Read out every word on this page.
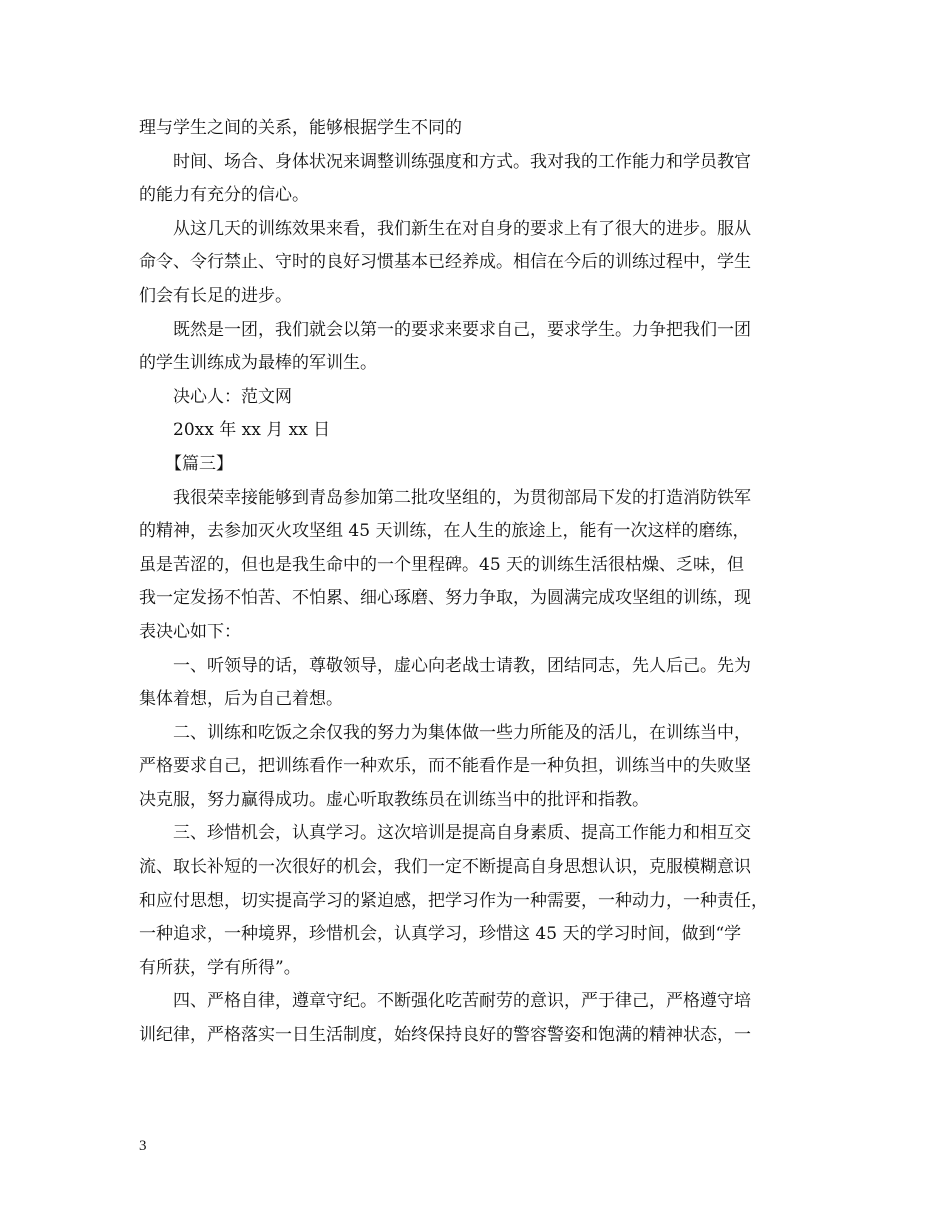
理与学生之间的关系，能够根据学生不同的
时间、场合、身体状况来调整训练强度和方式。我对我的工作能力和学员教官
的能力有充分的信心。
从这几天的训练效果来看，我们新生在对自身的要求上有了很大的进步。服从
命令、令行禁止、守时的良好习惯基本已经养成。相信在今后的训练过程中，学生
们会有长足的进步。
既然是一团，我们就会以第一的要求来要求自己，要求学生。力争把我们一团
的学生训练成为最棒的军训生。
决心人：范文网
20xx 年 xx 月 xx 日
【篇三】
我很荣幸接能够到青岛参加第二批攻坚组的，为贯彻部局下发的打造消防铁军
的精神，去参加灭火攻坚组 45 天训练，在人生的旅途上，能有一次这样的磨练，
虽是苦涩的，但也是我生命中的一个里程碑。45 天的训练生活很枯燥、乏味，但
我一定发扬不怕苦、不怕累、细心琢磨、努力争取，为圆满完成攻坚组的训练，现
表决心如下：
一、听领导的话，尊敬领导，虚心向老战士请教，团结同志，先人后己。先为
集体着想，后为自己着想。
二、训练和吃饭之余仅我的努力为集体做一些力所能及的活儿，在训练当中，
严格要求自己，把训练看作一种欢乐，而不能看作是一种负担，训练当中的失败坚
决克服，努力赢得成功。虚心听取教练员在训练当中的批评和指教。
三、珍惜机会，认真学习。这次培训是提高自身素质、提高工作能力和相互交
流、取长补短的一次很好的机会，我们一定不断提高自身思想认识，克服模糊意识
和应付思想，切实提高学习的紧迫感，把学习作为一种需要，一种动力，一种责任，
一种追求，一种境界，珍惜机会，认真学习，珍惜这 45 天的学习时间，做到“学
有所获，学有所得”。
四、严格自律，遵章守纪。不断强化吃苦耐劳的意识，严于律己，严格遵守培
训纪律，严格落实一日生活制度，始终保持良好的警容警姿和饱满的精神状态，一
3
